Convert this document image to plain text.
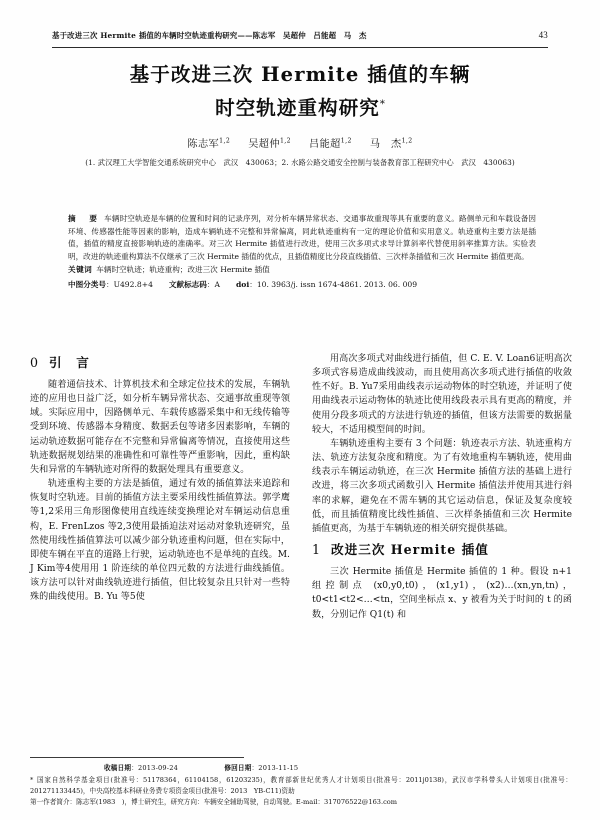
基于改进三次 Hermite 插值的车辆时空轨迹重构研究——陈志军　吴超仲　吕能超　马　杰	43
基于改进三次 Hermite 插值的车辆
时空轨迹重构研究*
陈志军$^{1,2}$ 吴超仲$^{1,2}$ 吕能超$^{1,2}$ 马　杰$^{1,2}$
(1. 武汉理工大学智能交通系统研究中心　武汉　430063；2. 水路公路交通安全控制与装备教育部工程研究中心　武汉　430063)
摘　要 车辆时空轨迹是车辆的位置和时间的记录序列，对分析车辆异常状态、交通事故重现等具有重要的意义。路侧单元和车载设备因环境、传感器性能等因素的影响，造成车辆轨迹不完整和异常偏离，同此轨迹重构有一定的理论价值和实用意义。轨迹重构主要方法是插值，插值的精度直接影响轨迹的准确率。对三次 Hermite 插值进行改进，使用三次多项式求导计算斜率代替使用斜率推算方法。实验表明，改进的轨迹重构算法不仅继承了三次 Hermite 插值的优点，且插值精度比分段直线插值、三次样条插值和三次 Hermite 插值更高。
关键词 车辆时空轨迹；轨迹重构；改进三次 Hermite 插值
中图分类号：U492.8+4 文献标志码：A doi：10. 3963/j. issn 1674-4861. 2013. 06. 009
0 引　言

随着通信技术、计算机技术和全球定位技术的发展，车辆轨迹的应用也日益广泛，如分析车辆异常状态、交通事故重现等领域。实际应用中，因路侧单元、车载传感器采集中和无线传输等受到环境、传感器本身精度、数据丢包等诸多因素影响，车辆的运动轨迹数据可能存在不完整和异常偏离等情况，直接使用这些轨迹数据规划结果的准确性和可靠性等严重影响，因此，重构缺失和异常的车辆轨迹对所得的数据处理具有重要意义。

轨迹重构主要的方法是插值，通过有效的插值算法来追踪和恢复时空轨迹。目前的插值方法主要采用线性插值算法。郭学鹰等1,2采用三角形图像使用直线连续变换理论对车辆运动信息重构，E. FrenLzos 等2,3使用最插迫法对运动对象轨迹研究，虽然使用线性插值算法可以减少部分轨迹重构问题，但在实际中，即使车辆在平直的道路上行驶，运动轨迹也不是单纯的直线。M. J Kim等4使用用 1 阶连续的单位四元数的方法进行曲线插值。该方法可以针对曲线轨迹进行插值，但比较复杂且只针对一些特殊的曲线使用。B. Yu 等5使

用高次多项式对曲线进行插值，但 C. E. V. Loan6证明高次多项式容易造成曲线波动，而且使用高次多项式进行插值的收敛性不好。B. Yu7采用曲线表示运动物体的时空轨迹，并证明了使用曲线表示运动物体的轨迹比使用线段表示具有更高的精度，并使用分段多项式的方法进行轨迹的插值，但该方法需要的数据量较大，不适用模型间的时间。

车辆轨迹重构主要有 3 个问题：轨迹表示方法、轨迹重构方法、轨迹方法复杂度和精度。为了有效地重构车辆轨迹，使用曲线表示车辆运动轨迹，在三次 Hermite 插值方法的基础上进行改进，将三次多项式函数引入 Hermite 插值法并使用其进行斜率的求解，避免在不需车辆的其它运动信息，保证及复杂度较低，而且插值精度比线性插值、三次样条插值和三次 Hermite 插值更高，为基于车辆轨迹的相关研究提供基础。

1 改进三次 Hermite 插值

三次 Hermite 插值是 Hermite 插值的 1 种。假设 n+1 组控制点 (x0,y0,t0)，(x1,y1)，(x2)…(xn,yn,tn)，t0<t1<t2<…<tn，空间坐标点 x、y 被看为关于时间的 t 的函数，分别记作 Q1(t) 和

收稿日期：2013-09-24	修回日期：2013-11-15
* 国家自然科学基金项目(批准号：51178364，61104158，61203235)，教育部新世纪优秀人才计划项目(批准号：2011j0138)，武汉市学科带头人计划项目(批准号：201271133445)，中央高校基本科研业务费专项资金项目(批准号：2013　YB-C11)资助
第一作者简介：陈志军(1983　)，博士研究生，研究方向：车辆安全辅助驾驶，自动驾驶。E-mail：317076522@163.com
